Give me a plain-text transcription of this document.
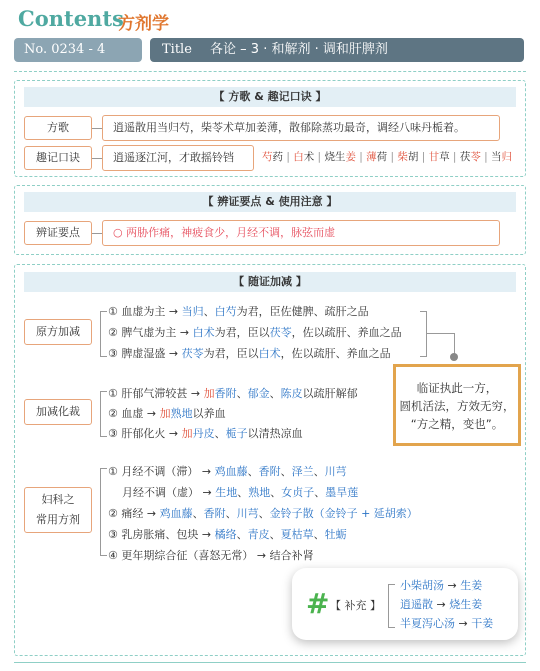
Contents
方剂学
No. 0234 - 4	Title 各论 – 3 · 和解剂 · 调和肝脾剂
【 方歌 & 趣记口诀 】
方歌	逍遥散用当归芍，柴苓术草加姜薄，散郁除蒸功最奇，调经八味丹栀着。
趣记口诀	逍遥逐江河，才敢摇铃铛	芍药 | 白术 | 烧生姜 | 薄荷 | 柴胡 | 甘草 | 茯苓 | 当归
【 辨证要点 & 使用注意 】
辨证要点	○ 两胁作痛，神疲食少，月经不调，脉弦而虚
【 随证加减 】
原方加减
① 血虚为主 → 当归、白芍为君，臣佐健脾、疏肝之品
② 脾气虚为主 → 白术为君，臣以茯苓，佐以疏肝、养血之品
③ 脾虚湿盛 → 茯苓为君，臣以白术，佐以疏肝、养血之品
临证执此一方，
圆机活法，方效无穷，
“方之精，变也”。
加减化裁
① 肝郁气滞较甚 → 加香附、郁金、陈皮以疏肝解郁
② 血虚 → 加熟地以养血
③ 肝郁化火 → 加丹皮、栀子以清热凉血
妇科之
常用方剂
① 月经不调（滞） → 鸡血藤、香附、泽兰、川芎
月经不调（虚） → 生地、熟地、女贞子、墨旱莲
② 痛经 → 鸡血藤、香附、川芎、金铃子散（金铃子 + 延胡索）
③ 乳房胀痛、包块 → 橘络、青皮、夏枯草、牡蛎
④ 更年期综合征（喜怒无常） → 结合补肾
# 【 补充 】
小柴胡汤 → 生姜
逍遥散 → 烧生姜
半夏泻心汤 → 干姜
